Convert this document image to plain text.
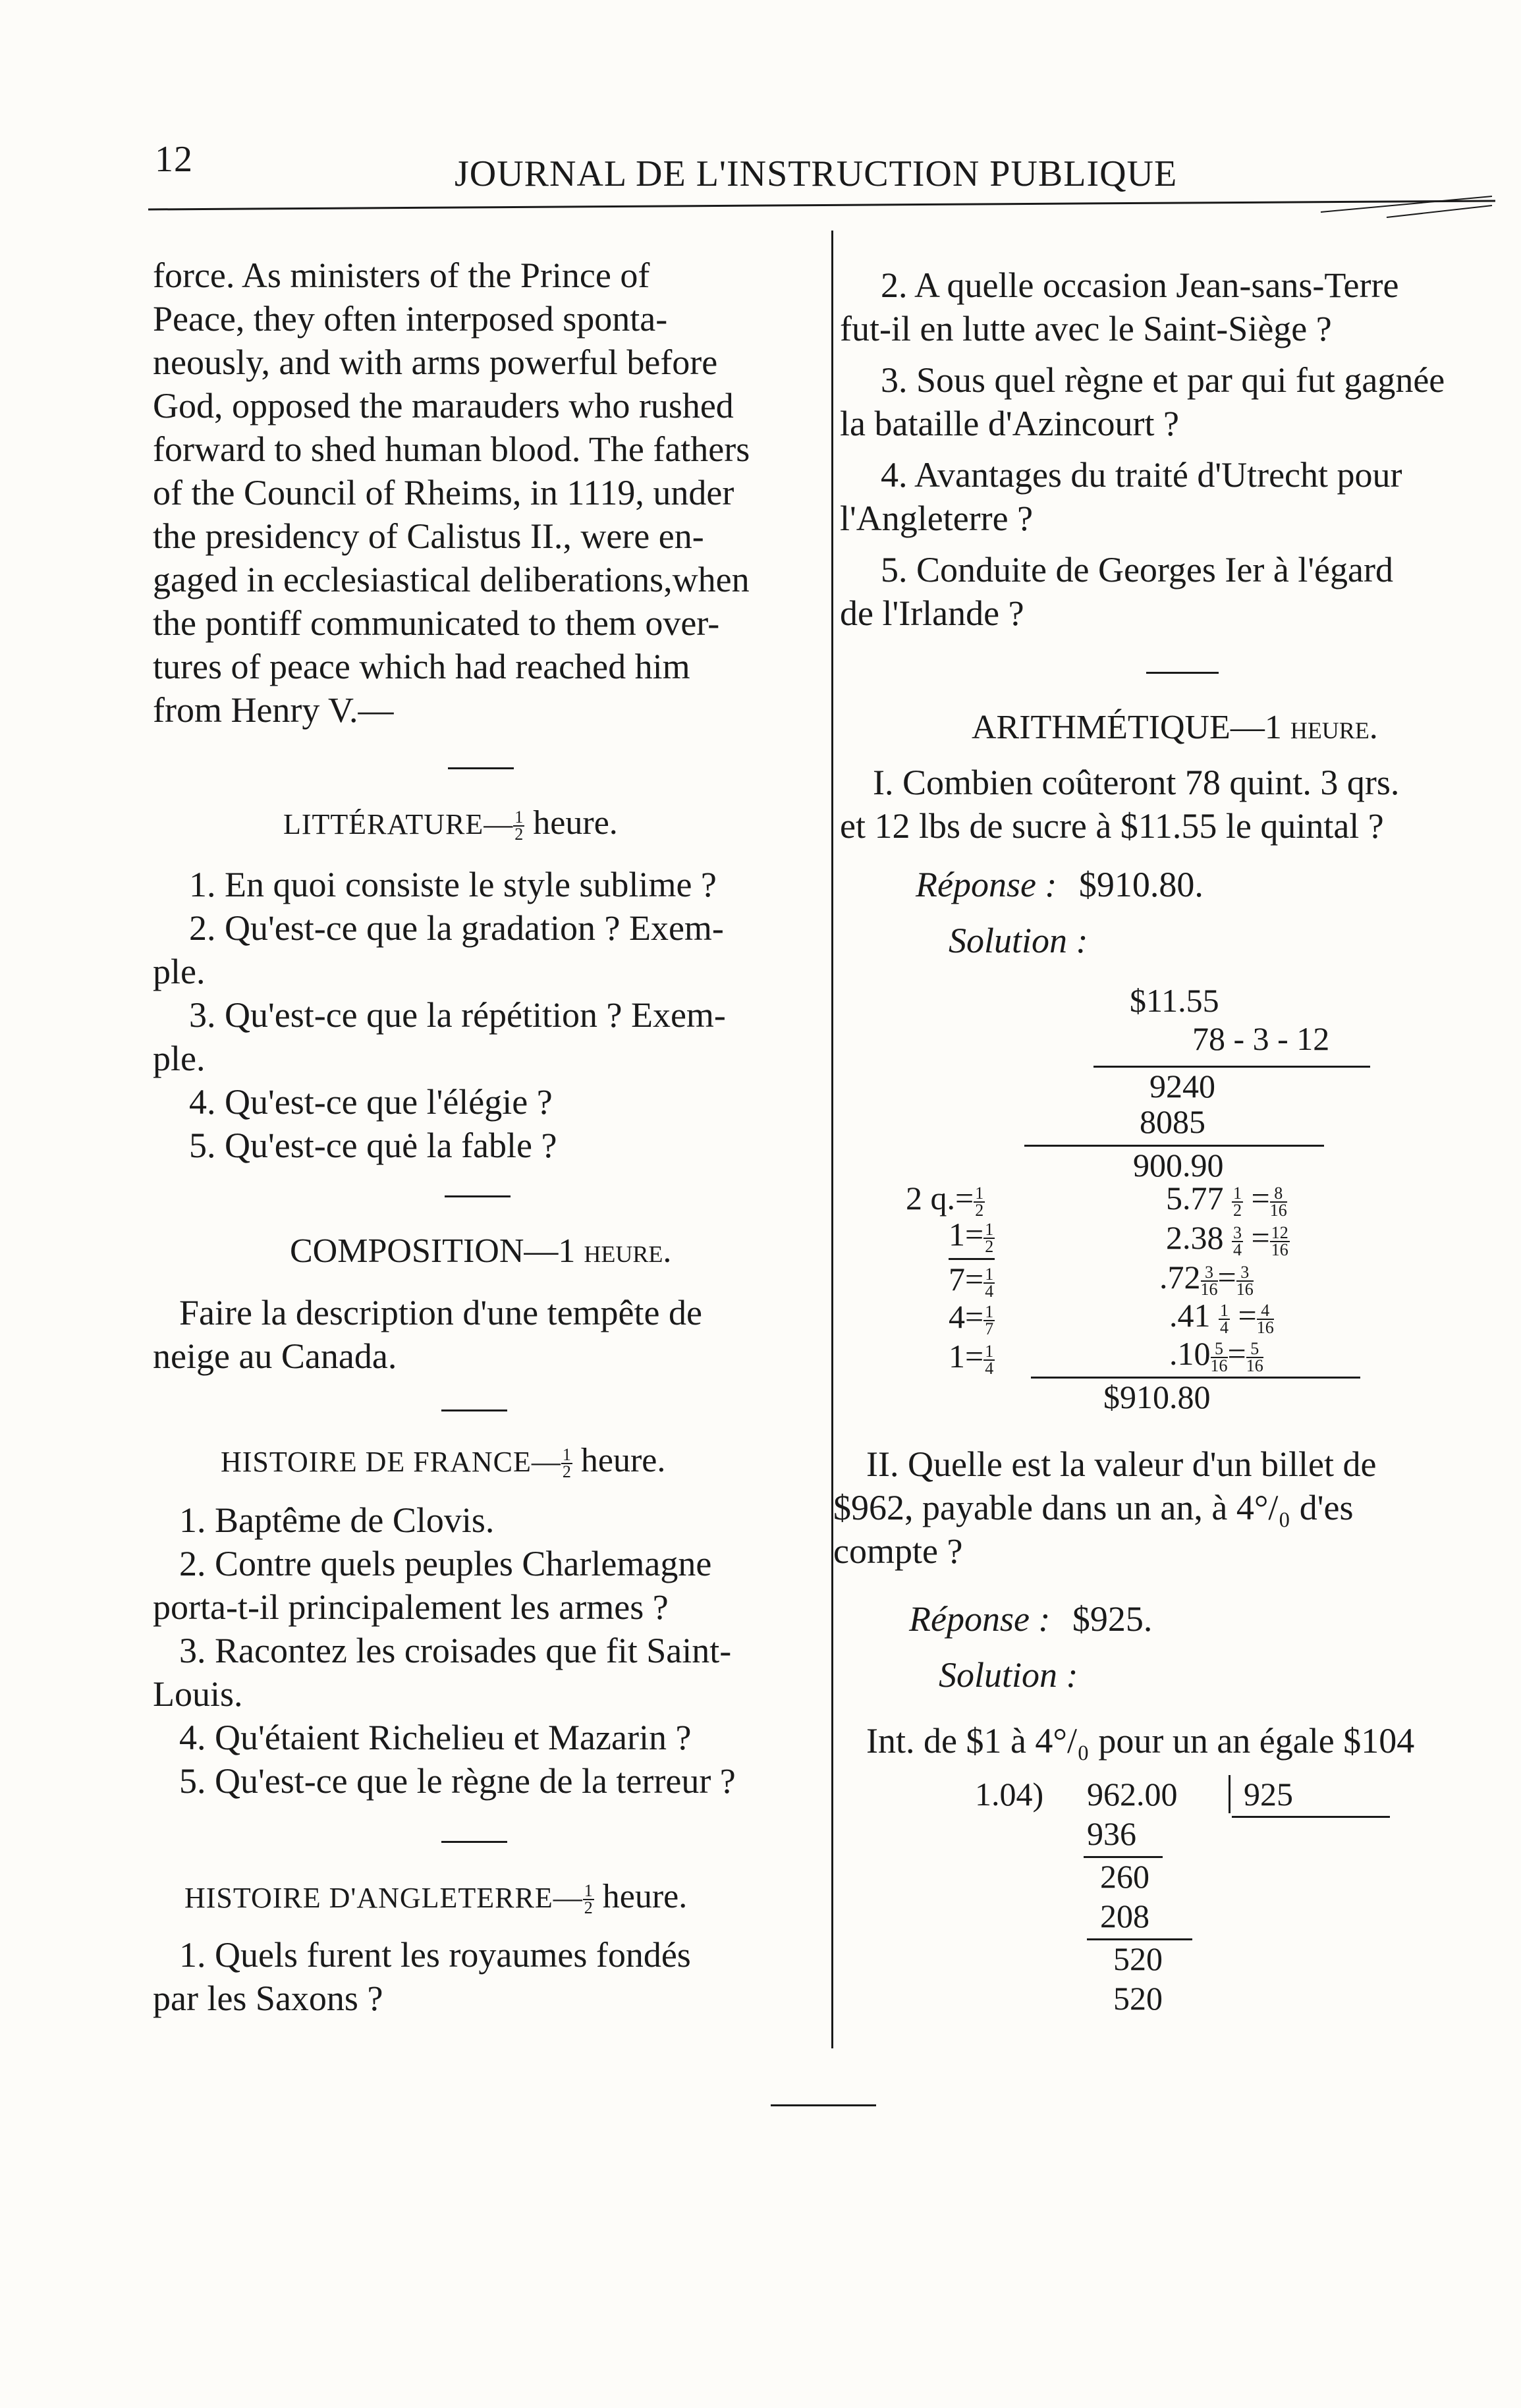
12	JOURNAL DE L'INSTRUCTION PUBLIQUE
force. As ministers of the Prince of
Peace, they often interposed sponta-
neously, and with arms powerful before
God, opposed the marauders who rushed
forward to shed human blood. The fathers
of the Council of Rheims, in 1119, under
the presidency of Calistus II., were en-
gaged in ecclesiastical deliberations,when
the pontiff communicated to them over-
tures of peace which had reached him
from Henry V.—
LITTÉRATURE— $\frac{1}{2}$ heure.
1. En quoi consiste le style sublime ?
2. Qu'est-ce que la gradation ? Exem-
ple.
3. Qu'est-ce que la répétition ? Exem-
ple.
4. Qu'est-ce que l'élégie ?
5. Qu'est-ce quė la fable ?
COMPOSITION—1 heure.
Faire la description d'une tempête de
neige au Canada.
HISTOIRE DE FRANCE— $\frac{1}{2}$ heure.
1. Baptême de Clovis.
2. Contre quels peuples Charlemagne
porta-t-il principalement les armes ?
3. Racontez les croisades que fit Saint-
Louis.
4. Qu'étaient Richelieu et Mazarin ?
5. Qu'est-ce que le règne de la terreur ?
HISTOIRE D'ANGLETERRE— $\frac{1}{2}$ heure.
1. Quels furent les royaumes fondés
par les Saxons ?
2. A quelle occasion Jean-sans-Terre
fut-il en lutte avec le Saint-Siège ?
3. Sous quel règne et par qui fut gagnée
la bataille d'Azincourt ?
4. Avantages du traité d'Utrecht pour
l'Angleterre ?
5. Conduite de Georges Ier à l'égard
de l'Irlande ?
ARITHMÉTIQUE—1 heure.
I. Combien coûteront 78 quint. 3 qrs.
et 12 lbs de sucre à $11.55 le quintal ?
Réponse : $910.80.
Solution :
$11.55
78 - 3 - 12
9240
8085
900.90
2 $q.= \frac{1}{2}$
$1= \frac{1}{2}$
$7= \frac{1}{4}$
$4= \frac{1}{7}$
$1= \frac{1}{4}$
$5.77 \frac{1}{2} = \frac{8}{16}$
$2.38 \frac{3}{4} = \frac{12}{16}$
$.72 \frac{3}{16} = \frac{3}{16}$
$.41 \frac{1}{4} = \frac{4}{16}$
$.10 \frac{5}{16} = \frac{5}{16}$
$910.80
II. Quelle est la valeur d'un billet de
$962, payable dans un an, à 4°/₀ d'es
compte ?
Réponse : $925.
Solution :
Int. de $1 à 4°/₀ pour un an égale $104
1.04) 962.00	925
936
260
208
520
520
